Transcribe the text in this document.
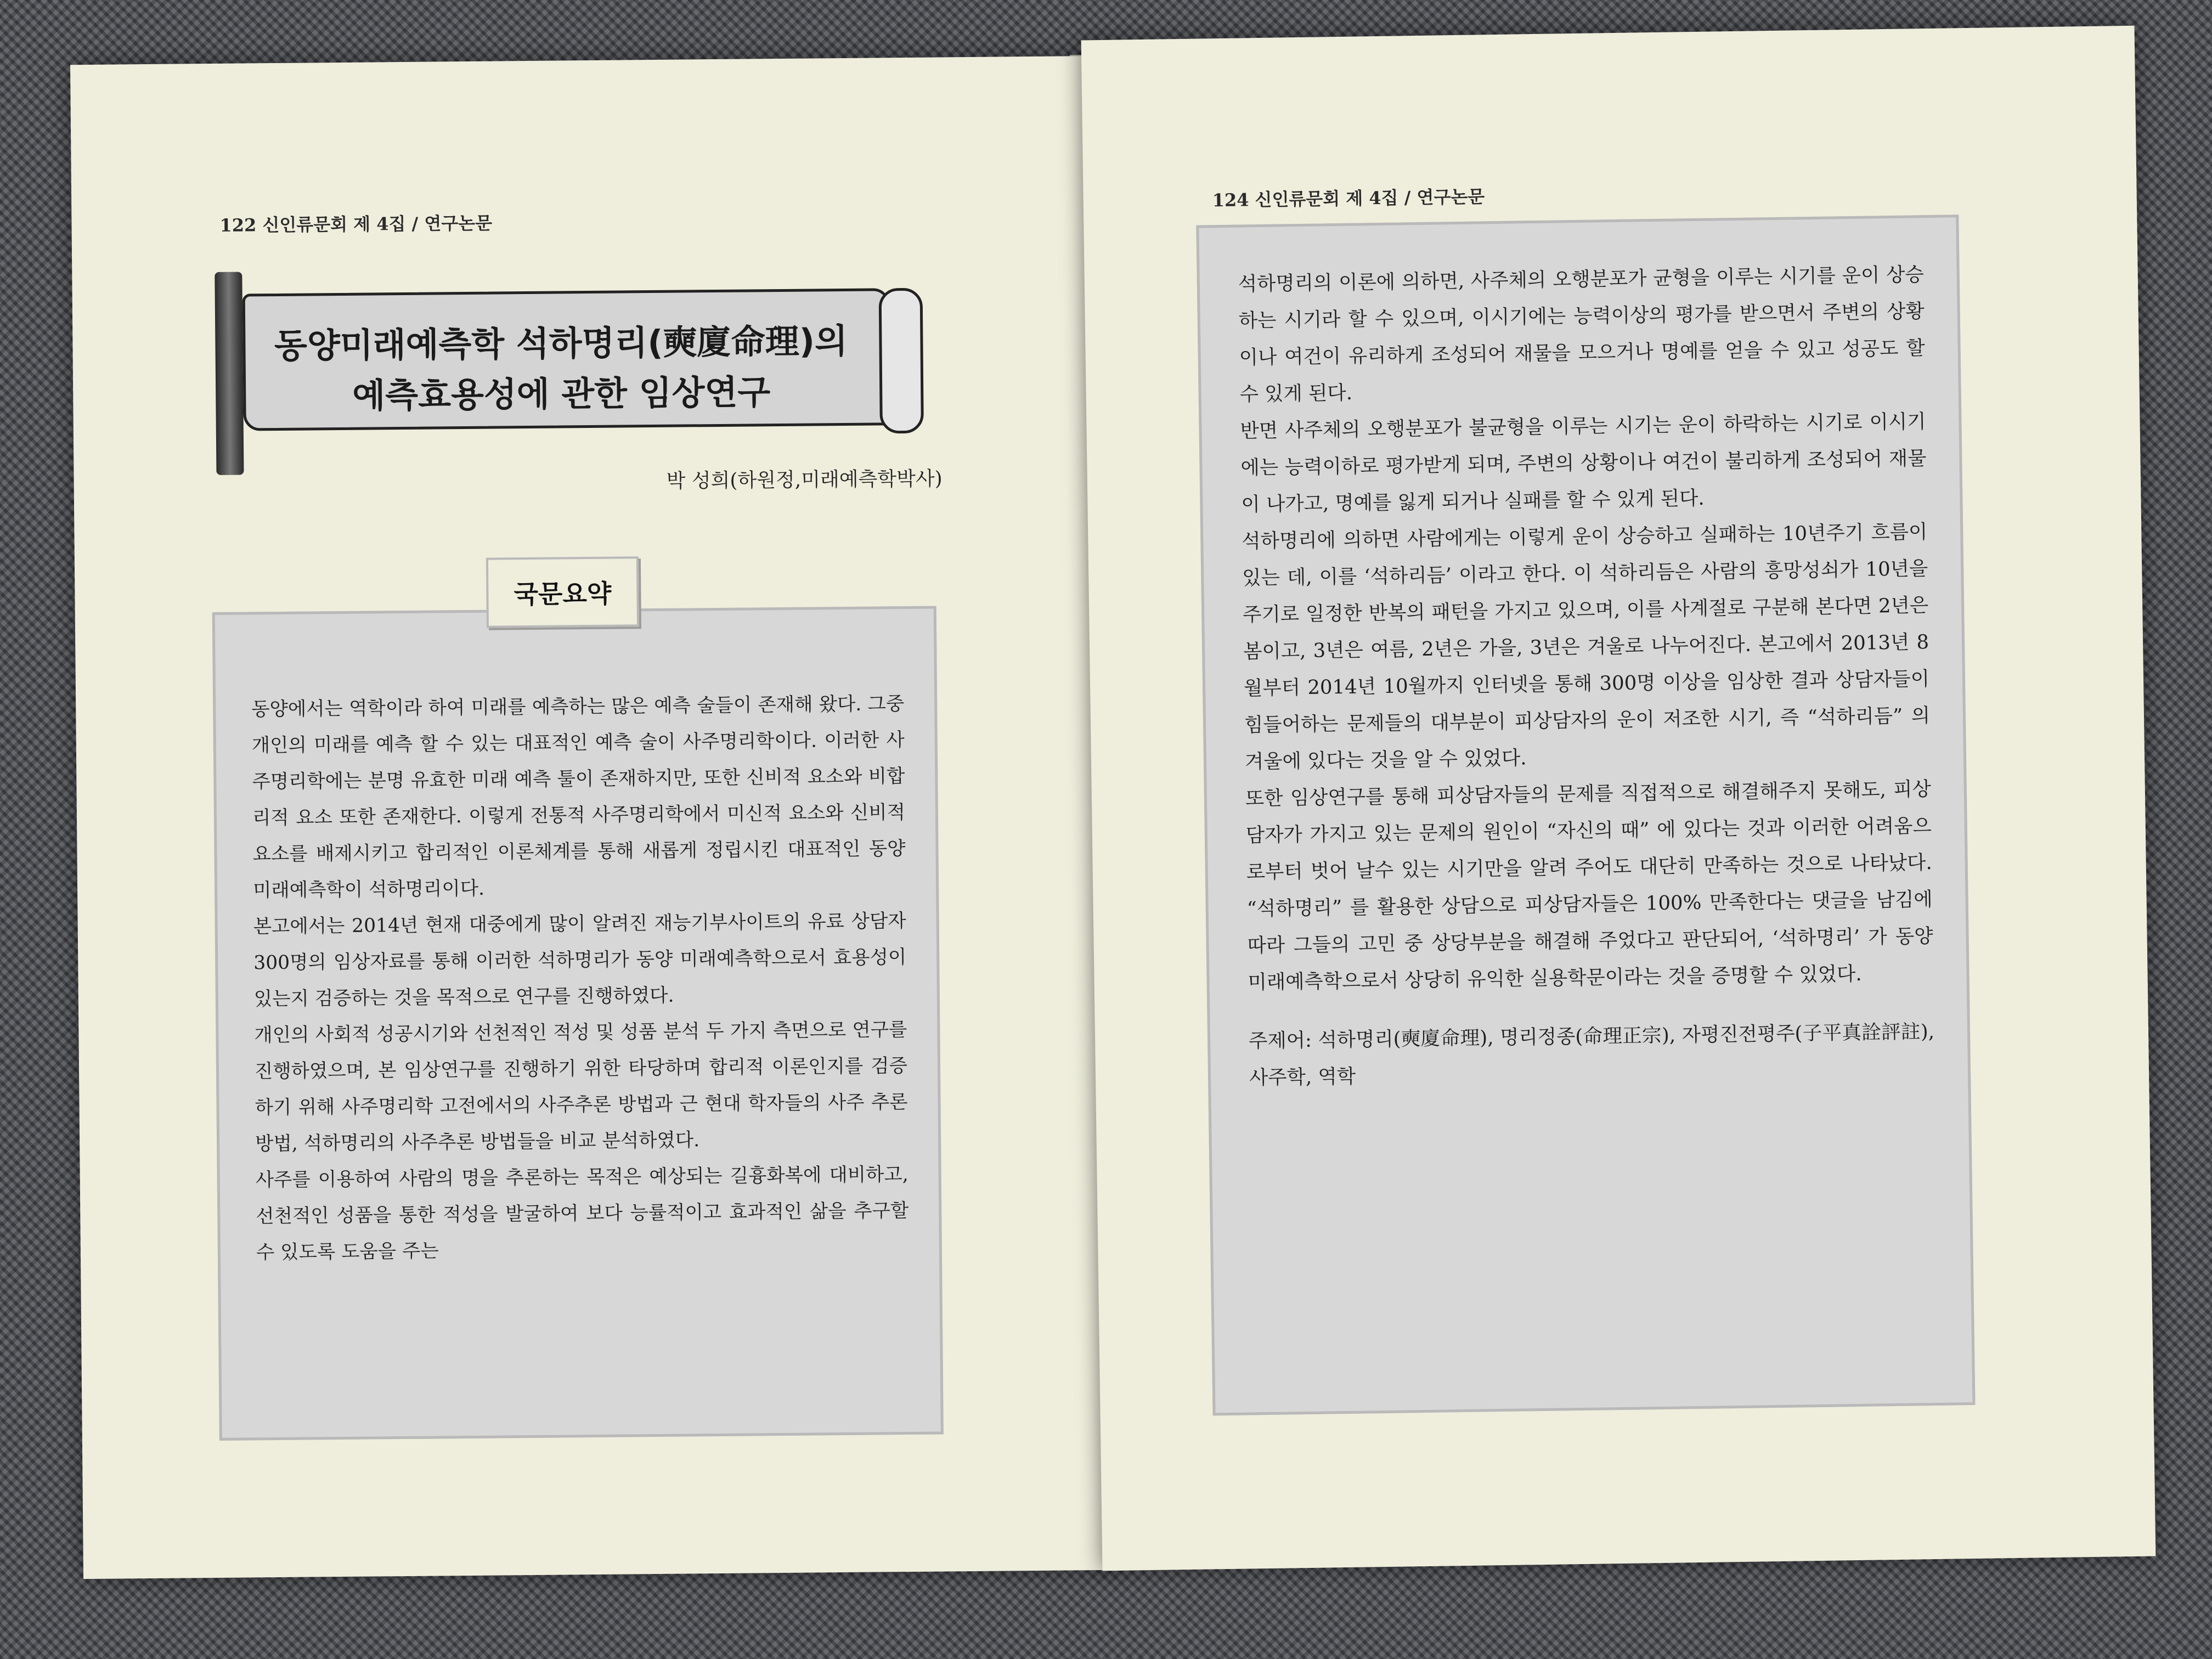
122 신인류문회 제 4집 / 연구논문
동양미래예측학 석하명리(奭廈命理)의
예측효용성에 관한 임상연구
박 성희(하원정,미래예측학박사)

동양에서는 역학이라 하여 미래를 예측하는 많은 예측 술들이 존재해 왔다. 그중 개인의 미래를 예측 할 수 있는 대표적인 예측 술이 사주명리학이다. 이러한 사주명리학에는 분명 유효한 미래 예측 툴이 존재하지만, 또한 신비적 요소와 비합리적 요소 또한 존재한다. 이렇게 전통적 사주명리학에서 미신적 요소와 신비적 요소를 배제시키고 합리적인 이론체계를 통해 새롭게 정립시킨 대표적인 동양 미래예측학이 석하명리이다.

본고에서는 2014년 현재 대중에게 많이 알려진 재능기부사이트의 유료 상담자 300명의 임상자료를 통해 이러한 석하명리가 동양 미래예측학으로서 효용성이 있는지 검증하는 것을 목적으로 연구를 진행하였다.

개인의 사회적 성공시기와 선천적인 적성 및 성품 분석 두 가지 측면으로 연구를 진행하였으며, 본 임상연구를 진행하기 위한 타당하며 합리적 이론인지를 검증하기 위해 사주명리학 고전에서의 사주추론 방법과 근 현대 학자들의 사주 추론 방법, 석하명리의 사주추론 방법들을 비교 분석하였다.

사주를 이용하여 사람의 명을 추론하는 목적은 예상되는 길흉화복에 대비하고, 선천적인 성품을 통한 적성을 발굴하여 보다 능률적이고 효과적인 삶을 추구할 수 있도록 도움을 주는

국문요약
124 신인류문회 제 4집 / 연구논문

석하명리의 이론에 의하면, 사주체의 오행분포가 균형을 이루는 시기를 운이 상승하는 시기라 할 수 있으며, 이시기에는 능력이상의 평가를 받으면서 주변의 상황이나 여건이 유리하게 조성되어 재물을 모으거나 명예를 얻을 수 있고 성공도 할 수 있게 된다.

반면 사주체의 오행분포가 불균형을 이루는 시기는 운이 하락하는 시기로 이시기 에는 능력이하로 평가받게 되며, 주변의 상황이나 여건이 불리하게 조성되어 재물이 나가고, 명예를 잃게 되거나 실패를 할 수 있게 된다.

석하명리에 의하면 사람에게는 이렇게 운이 상승하고 실패하는 10년주기 흐름이 있는 데, 이를 ‘석하리듬’ 이라고 한다. 이 석하리듬은 사람의 흥망성쇠가 10년을 주기로 일정한 반복의 패턴을 가지고 있으며, 이를 사계절로 구분해 본다면 2년은 봄이고, 3년은 여름, 2년은 가을, 3년은 겨울로 나누어진다. 본고에서 2013년 8월부터 2014년 10월까지 인터넷을 통해 300명 이상을 임상한 결과 상담자들이 힘들어하는 문제들의 대부분이 피상담자의 운이 저조한 시기, 즉 “석하리듬” 의 겨울에 있다는 것을 알 수 있었다.

또한 임상연구를 통해 피상담자들의 문제를 직접적으로 해결해주지 못해도, 피상담자가 가지고 있는 문제의 원인이 “자신의 때” 에 있다는 것과 이러한 어려움으로부터 벗어 날수 있는 시기만을 알려 주어도 대단히 만족하는 것으로 나타났다. “석하명리” 를 활용한 상담으로 피상담자들은 100% 만족한다는 댓글을 남김에 따라 그들의 고민 중 상당부분을 해결해 주었다고 판단되어, ‘석하명리’ 가 동양 미래예측학으로서 상당히 유익한 실용학문이라는 것을 증명할 수 있었다.

주제어: 석하명리(奭廈命理), 명리정종(命理正宗), 자평진전평주(子平真詮評註), 사주학, 역학
